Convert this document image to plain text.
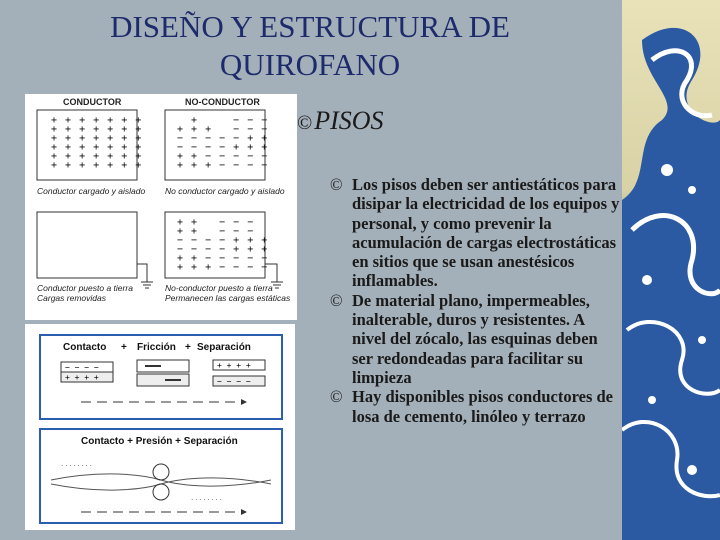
DISEÑO Y ESTRUCTURA DE
QUIROFANO
©PISOS
© Los pisos deben ser antiestáticos para disipar la electricidad de los equipos y personal, y como prevenir la acumulación de cargas electrostáticas en sitios que se usan anestésicos inflamables.
© De material plano, impermeables, inalterable, duros y resistentes. A nivel del zócalo, las esquinas deben ser redondeadas para facilitar su limpieza
© Hay disponibles pisos conductores de losa de cemento, linóleo y terrazo
CONDUCTOR	NO-CONDUCTOR
+ + + + + + +
+ + + + + + +
+ + + + + + +
+ + + + + + +
+ + + + + + +
+ + + + + + +
+     − − −
+ + +   − − −
− − − − − + +
− − − − + + +
+ + − − − − −
+ + + − − − −
+ +   − − −
+ +   − − −
− − − − + + +
− − − − + + +
+ + − − − − −
+ + + − − − −
Conductor cargado y aislado No conductor cargado y aislado
Conductor puesto a tierra
Cargas removidas
No-conductor puesto a tierra
Permanecen las cargas estáticas
Contacto + Fricción + Separación
− − − −
+ + + +
+ + + +
− − − −
Contacto + Presión + Separación
· · · · · · · ·
· · · · · · · ·
